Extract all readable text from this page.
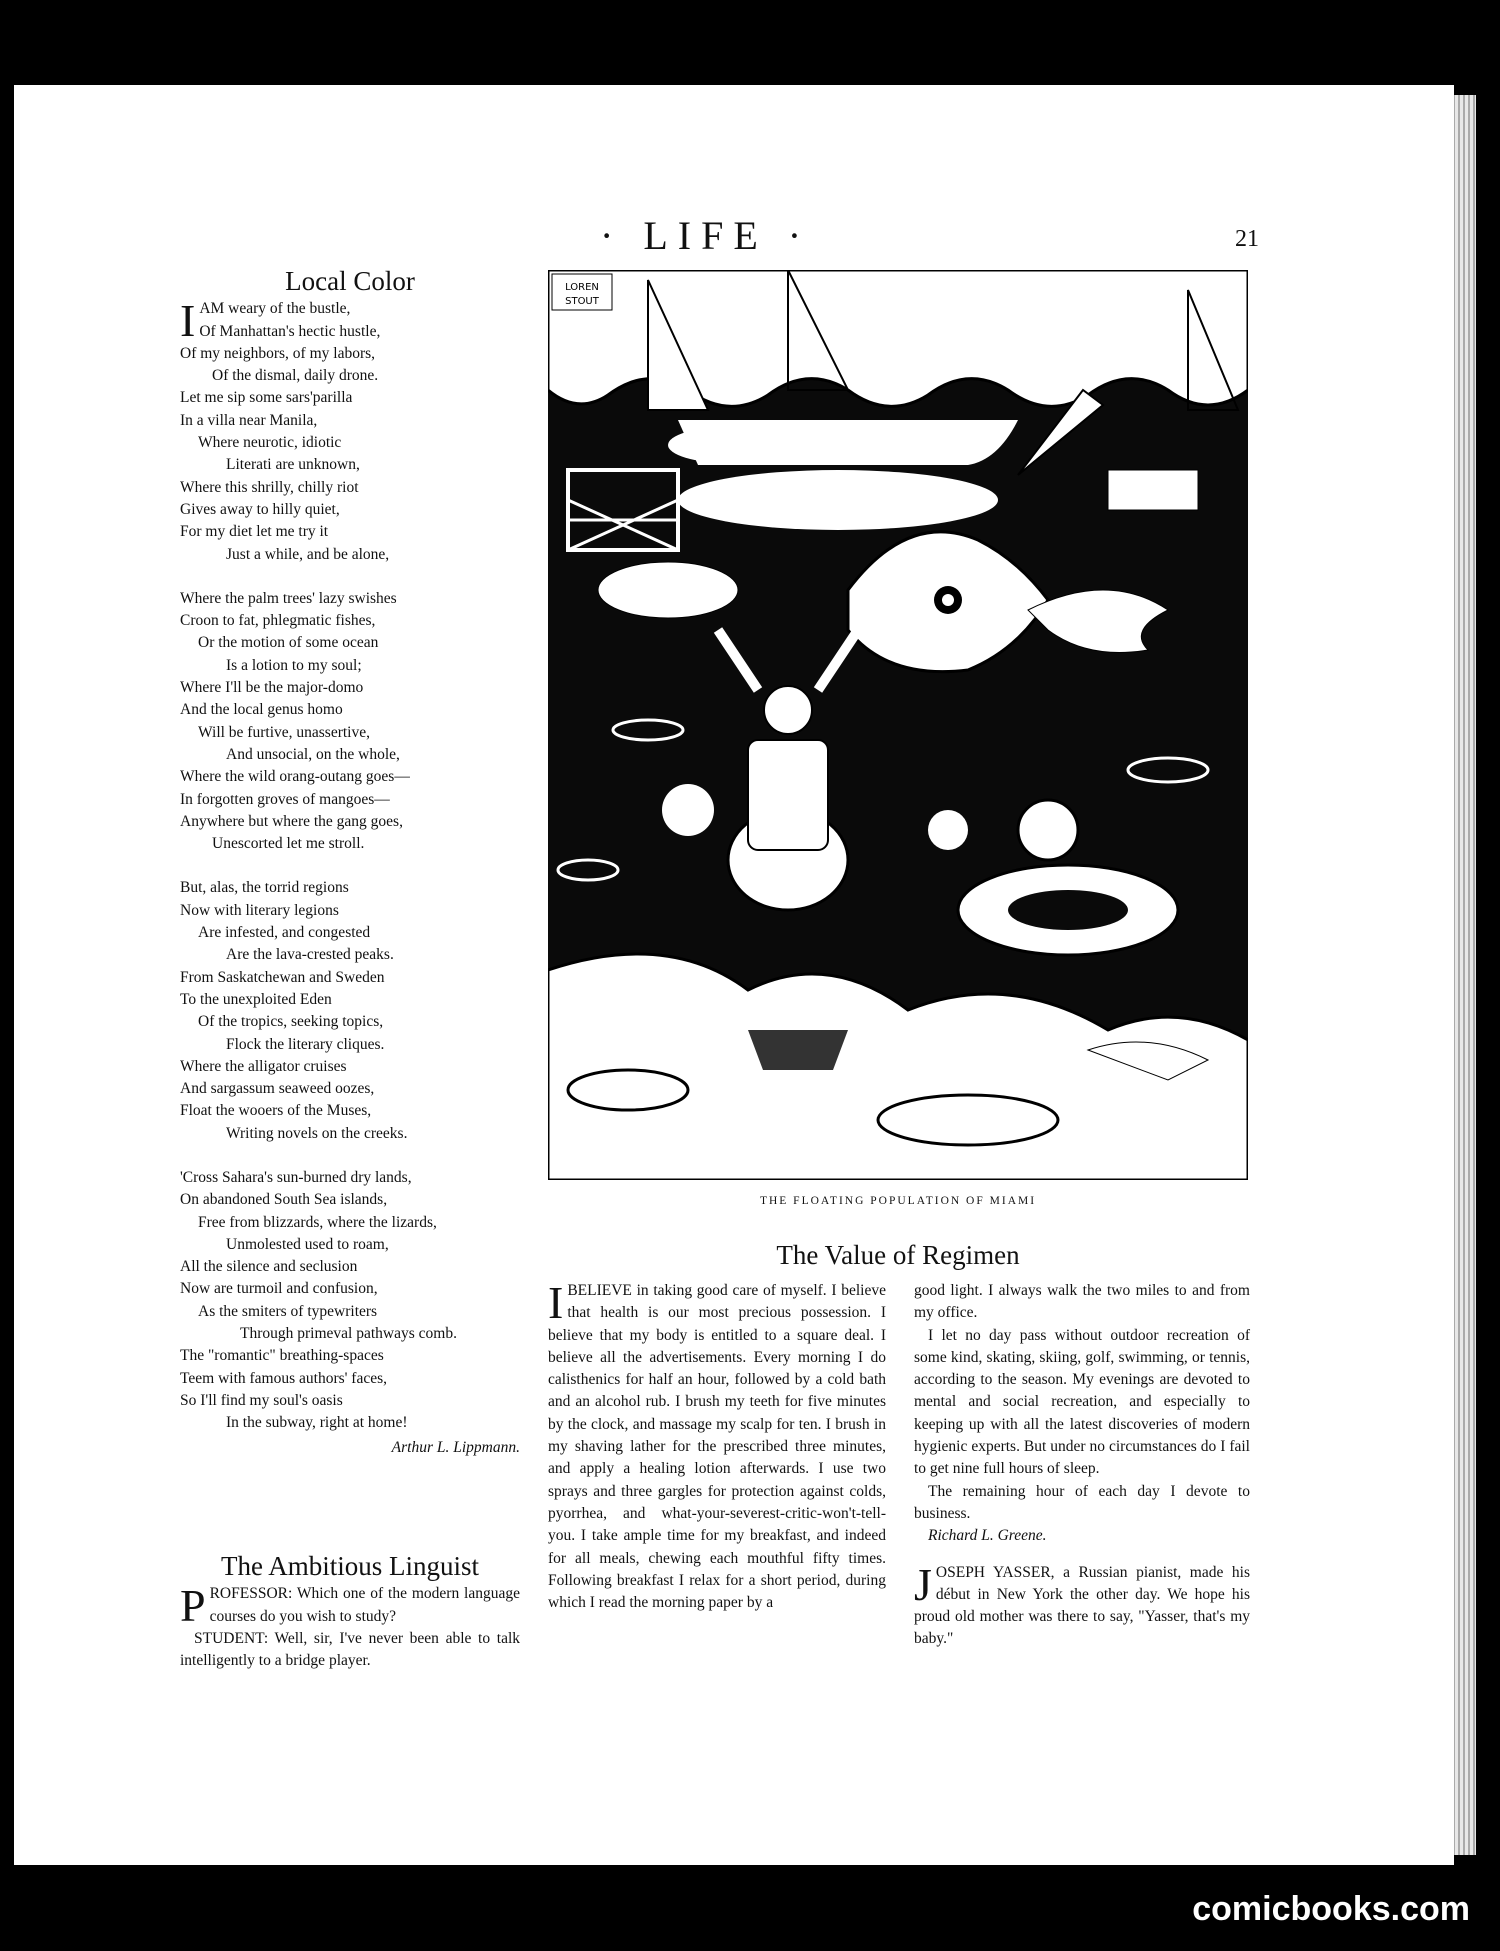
· LIFE ·	21
Local Color
I AM weary of the bustle,

Of Manhattan's hectic hustle,

Of my neighbors, of my labors,

Of the dismal, daily drone.

Let me sip some sars'parilla

In a villa near Manila,

Where neurotic, idiotic

Literati are unknown,

Where this shrilly, chilly riot

Gives away to hilly quiet,

For my diet let me try it

Just a while, and be alone,

Where the palm trees' lazy swishes

Croon to fat, phlegmatic fishes,

Or the motion of some ocean

Is a lotion to my soul;

Where I'll be the major-domo

And the local genus homo

Will be furtive, unassertive,

And unsocial, on the whole,

Where the wild orang-outang goes—

In forgotten groves of mangoes—

Anywhere but where the gang goes,

Unescorted let me stroll.

But, alas, the torrid regions

Now with literary legions

Are infested, and congested

Are the lava-crested peaks.

From Saskatchewan and Sweden

To the unexploited Eden

Of the tropics, seeking topics,

Flock the literary cliques.

Where the alligator cruises

And sargassum seaweed oozes,

Float the wooers of the Muses,

Writing novels on the creeks.

'Cross Sahara's sun-burned dry lands,

On abandoned South Sea islands,

Free from blizzards, where the lizards,

Unmolested used to roam,

All the silence and seclusion

Now are turmoil and confusion,

As the smiters of typewriters

Through primeval pathways comb.

The "romantic" breathing-spaces

Teem with famous authors' faces,

So I'll find my soul's oasis

In the subway, right at home!

Arthur L. Lippmann.

The Ambitious Linguist

PROFESSOR: Which one of the modern language courses do you wish to study?

STUDENT: Well, sir, I've never been able to talk intelligently to a bridge player.

LOREN
STOUT
THE FLOATING POPULATION OF MIAMI
The Value of Regimen

IBELIEVE in taking good care of myself. I believe that health is our most precious possession. I believe that my body is entitled to a square deal. I believe all the advertisements. Every morning I do calisthenics for half an hour, followed by a cold bath and an alcohol rub. I brush my teeth for five minutes by the clock, and massage my scalp for ten. I brush in my shaving lather for the prescribed three minutes, and apply a healing lotion afterwards. I use two sprays and three gargles for protection against colds, pyorrhea, and what-your-severest-critic-won't-tell-you. I take ample time for my breakfast, and indeed for all meals, chewing each mouthful fifty times. Following breakfast I relax for a short period, during which I read the morning paper by a

good light. I always walk the two miles to and from my office.

I let no day pass without outdoor recreation of some kind, skating, skiing, golf, swimming, or tennis, according to the season. My evenings are devoted to mental and social recreation, and especially to keeping up with all the latest discoveries of modern hygienic experts. But under no circumstances do I fail to get nine full hours of sleep.

The remaining hour of each day I devote to business.

Richard L. Greene.

JOSEPH YASSER, a Russian pianist, made his début in New York the other day. We hope his proud old mother was there to say, "Yasser, that's my baby."

comicbooks.com
